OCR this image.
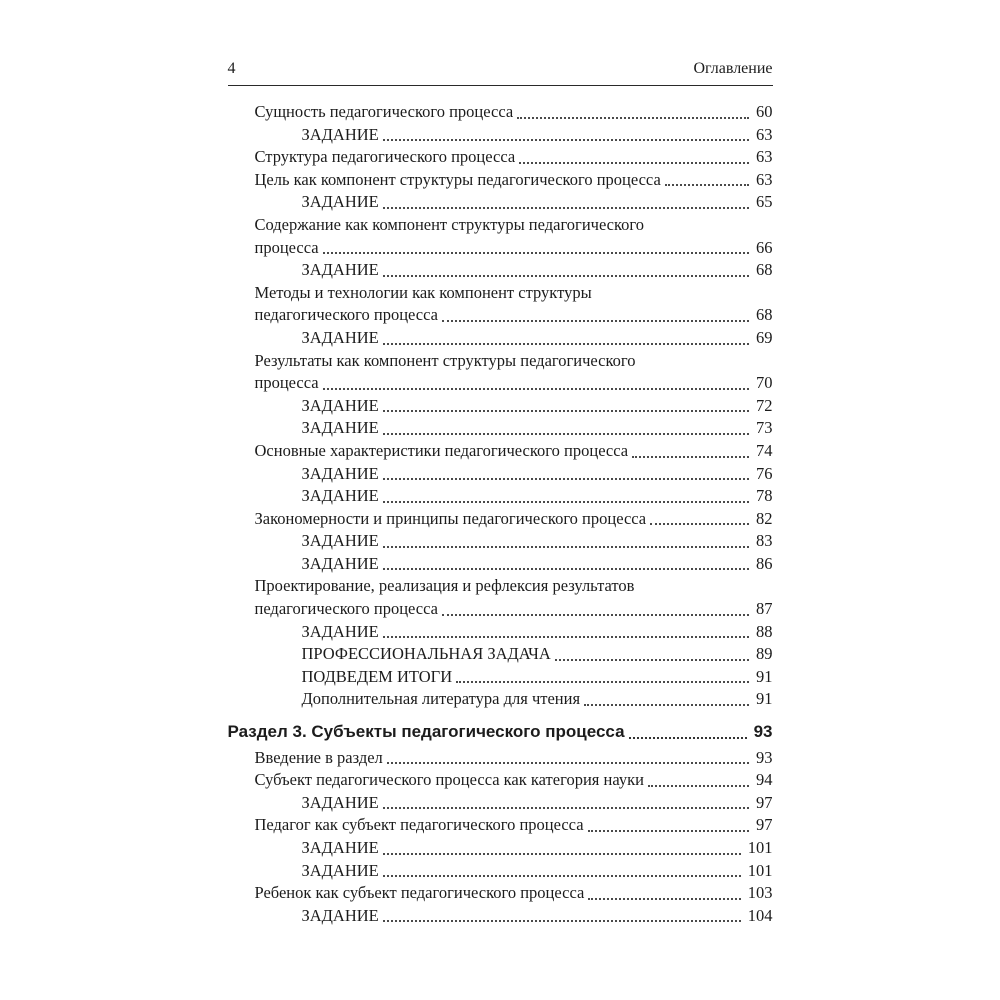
4	Оглавление
Сущность педагогического процесса	60
ЗАДАНИЕ	63
Структура педагогического процесса	63
Цель как компонент структуры педагогического процесса	63
ЗАДАНИЕ	65
Содержание как компонент структуры педагогического
процесса	66
ЗАДАНИЕ	68
Методы и технологии как компонент структуры
педагогического процесса	68
ЗАДАНИЕ	69
Результаты как компонент структуры педагогического
процесса	70
ЗАДАНИЕ	72
ЗАДАНИЕ	73
Основные характеристики педагогического процесса	74
ЗАДАНИЕ	76
ЗАДАНИЕ	78
Закономерности и принципы педагогического процесса	82
ЗАДАНИЕ	83
ЗАДАНИЕ	86
Проектирование, реализация и рефлексия результатов
педагогического процесса	87
ЗАДАНИЕ	88
ПРОФЕССИОНАЛЬНАЯ ЗАДАЧА	89
ПОДВЕДЕМ ИТОГИ	91
Дополнительная литература для чтения	91
Раздел 3. Субъекты педагогического процесса	93
Введение в раздел	93
Субъект педагогического процесса как категория науки	94
ЗАДАНИЕ	97
Педагог как субъект педагогического процесса	97
ЗАДАНИЕ	101
ЗАДАНИЕ	101
Ребенок как субъект педагогического процесса	103
ЗАДАНИЕ	104
